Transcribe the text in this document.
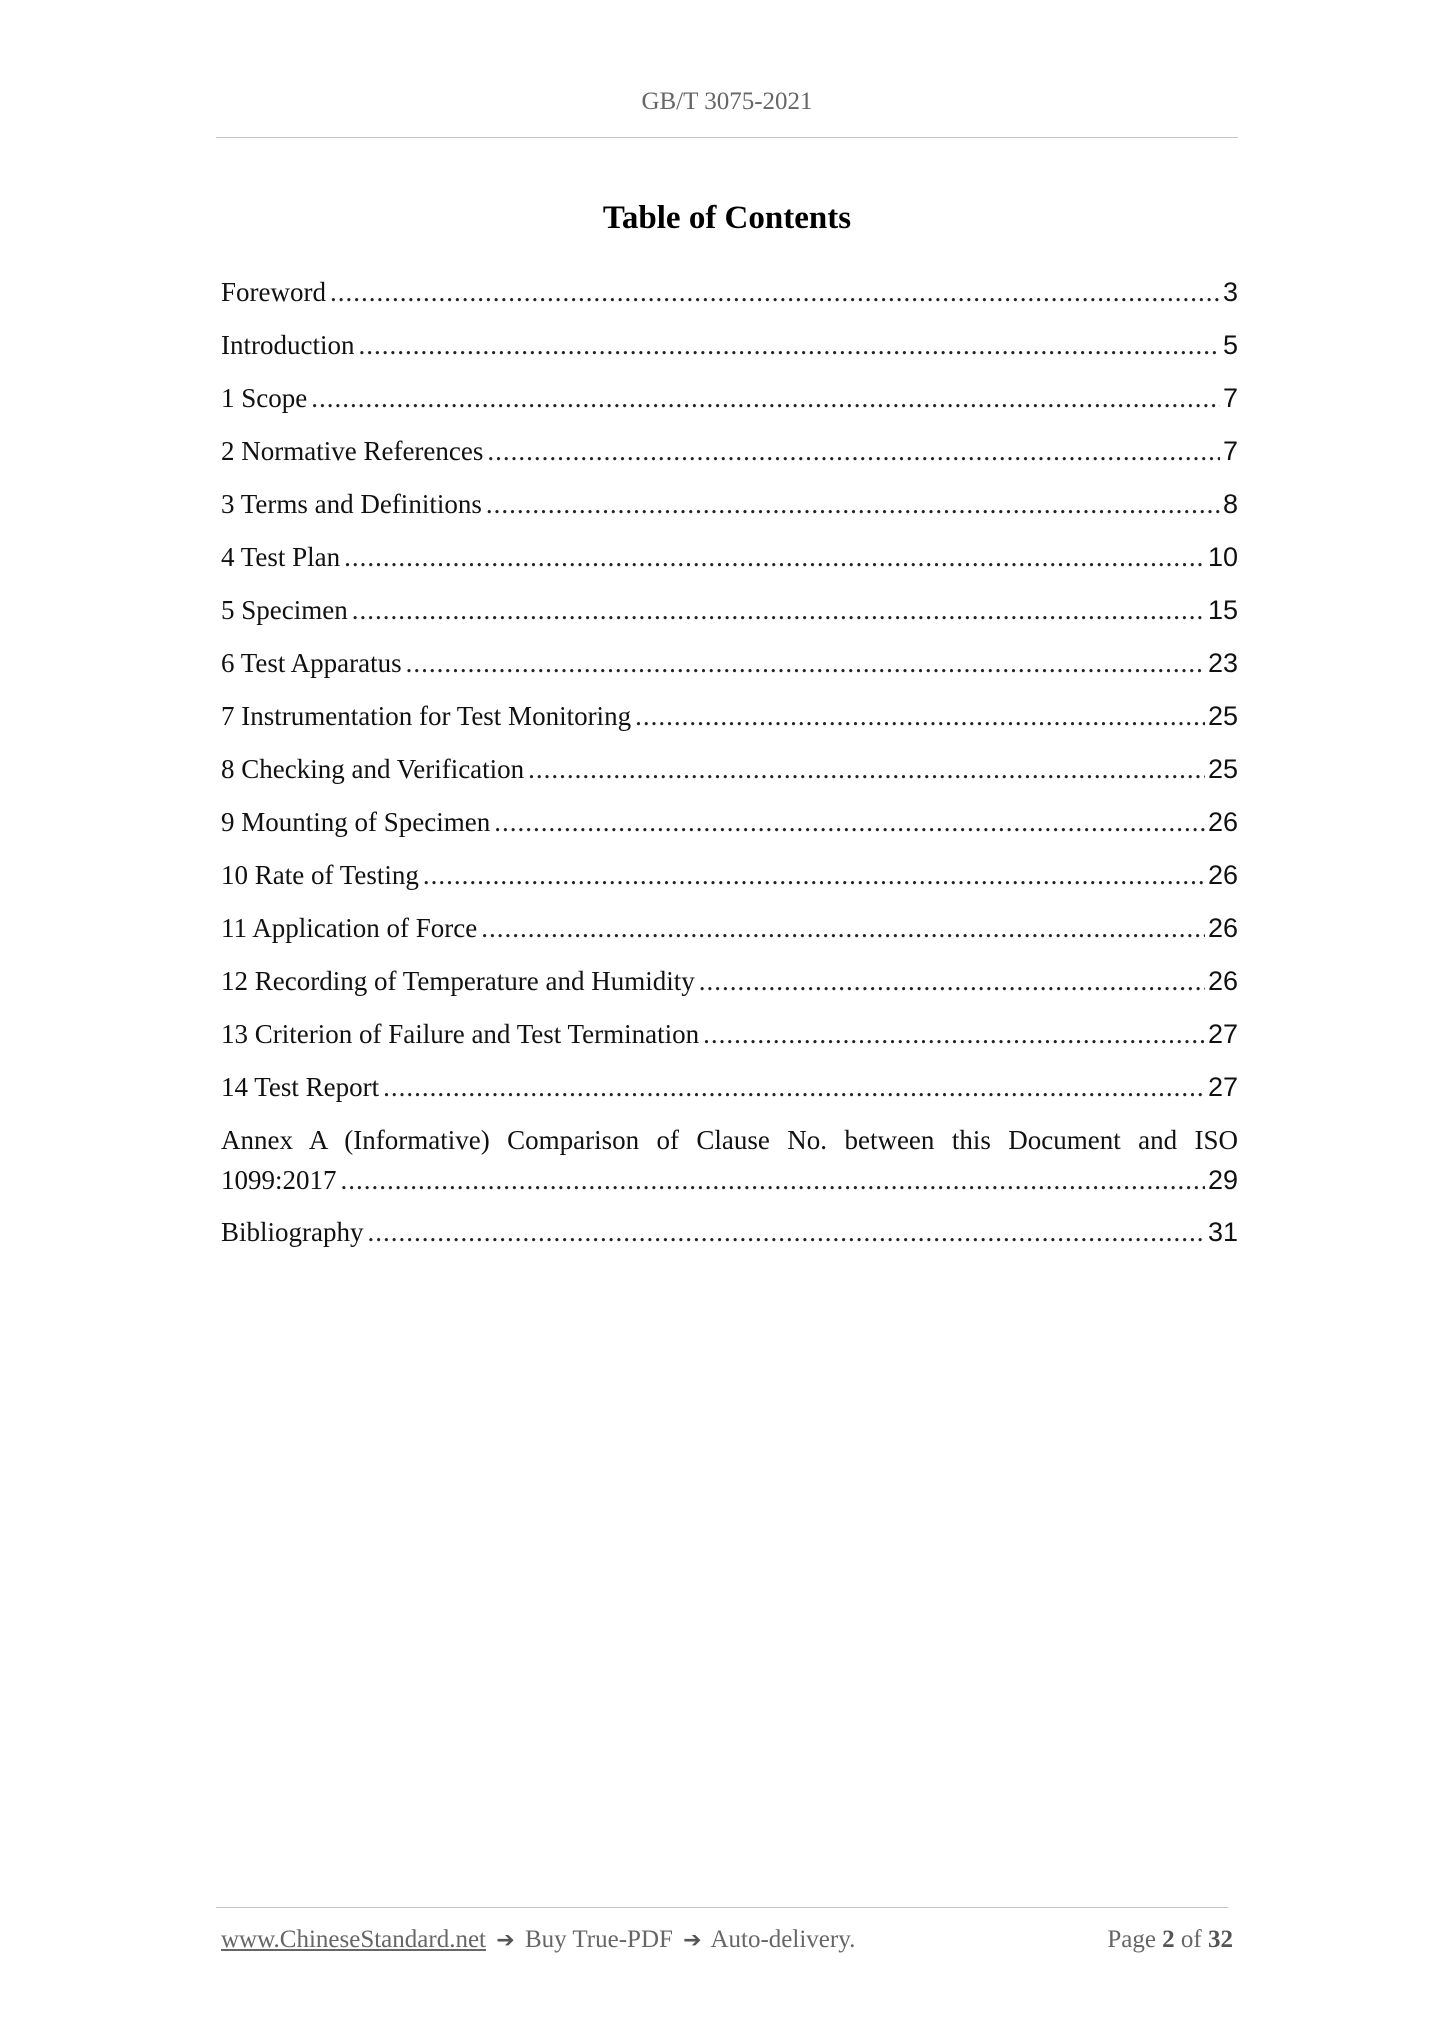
GB/T 3075-2021
Table of Contents
Foreword .....	3
Introduction .....	5
1 Scope .....	7
2 Normative References .....	7
3 Terms and Definitions .....	8
4 Test Plan .....	10
5 Specimen .....	15
6 Test Apparatus .....	23
7 Instrumentation for Test Monitoring .....	25
8 Checking and Verification .....	25
9 Mounting of Specimen .....	26
10 Rate of Testing .....	26
11 Application of Force .....	26
12 Recording of Temperature and Humidity .....	26
13 Criterion of Failure and Test Termination .....	27
14 Test Report .....	27
Annex A (Informative) Comparison of Clause No. between this Document and ISO
1099:2017 .....	29
Bibliography .....	31
www.ChineseStandard.net ➔ Buy True-PDF ➔ Auto-delivery.	Page 2 of 32
